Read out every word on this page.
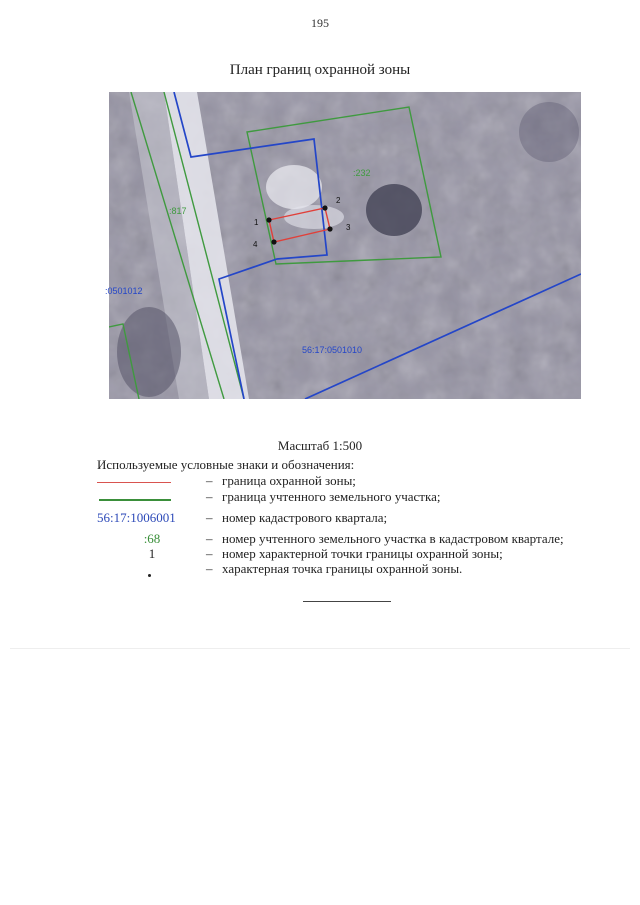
195
План границ охранной зоны
1
2
3
4
:817
:232
:0501012
56:17:0501010
Масштаб 1:500
Используемые условные знаки и обозначения:
– граница охранной зоны;
– граница учтенного земельного участка;
56:17:1006001	– номер кадастрового квартала;
:68	– номер учтенного земельного участка в кадастровом квартале;
1	– номер характерной точки границы охранной зоны;
– характерная точка границы охранной зоны.
